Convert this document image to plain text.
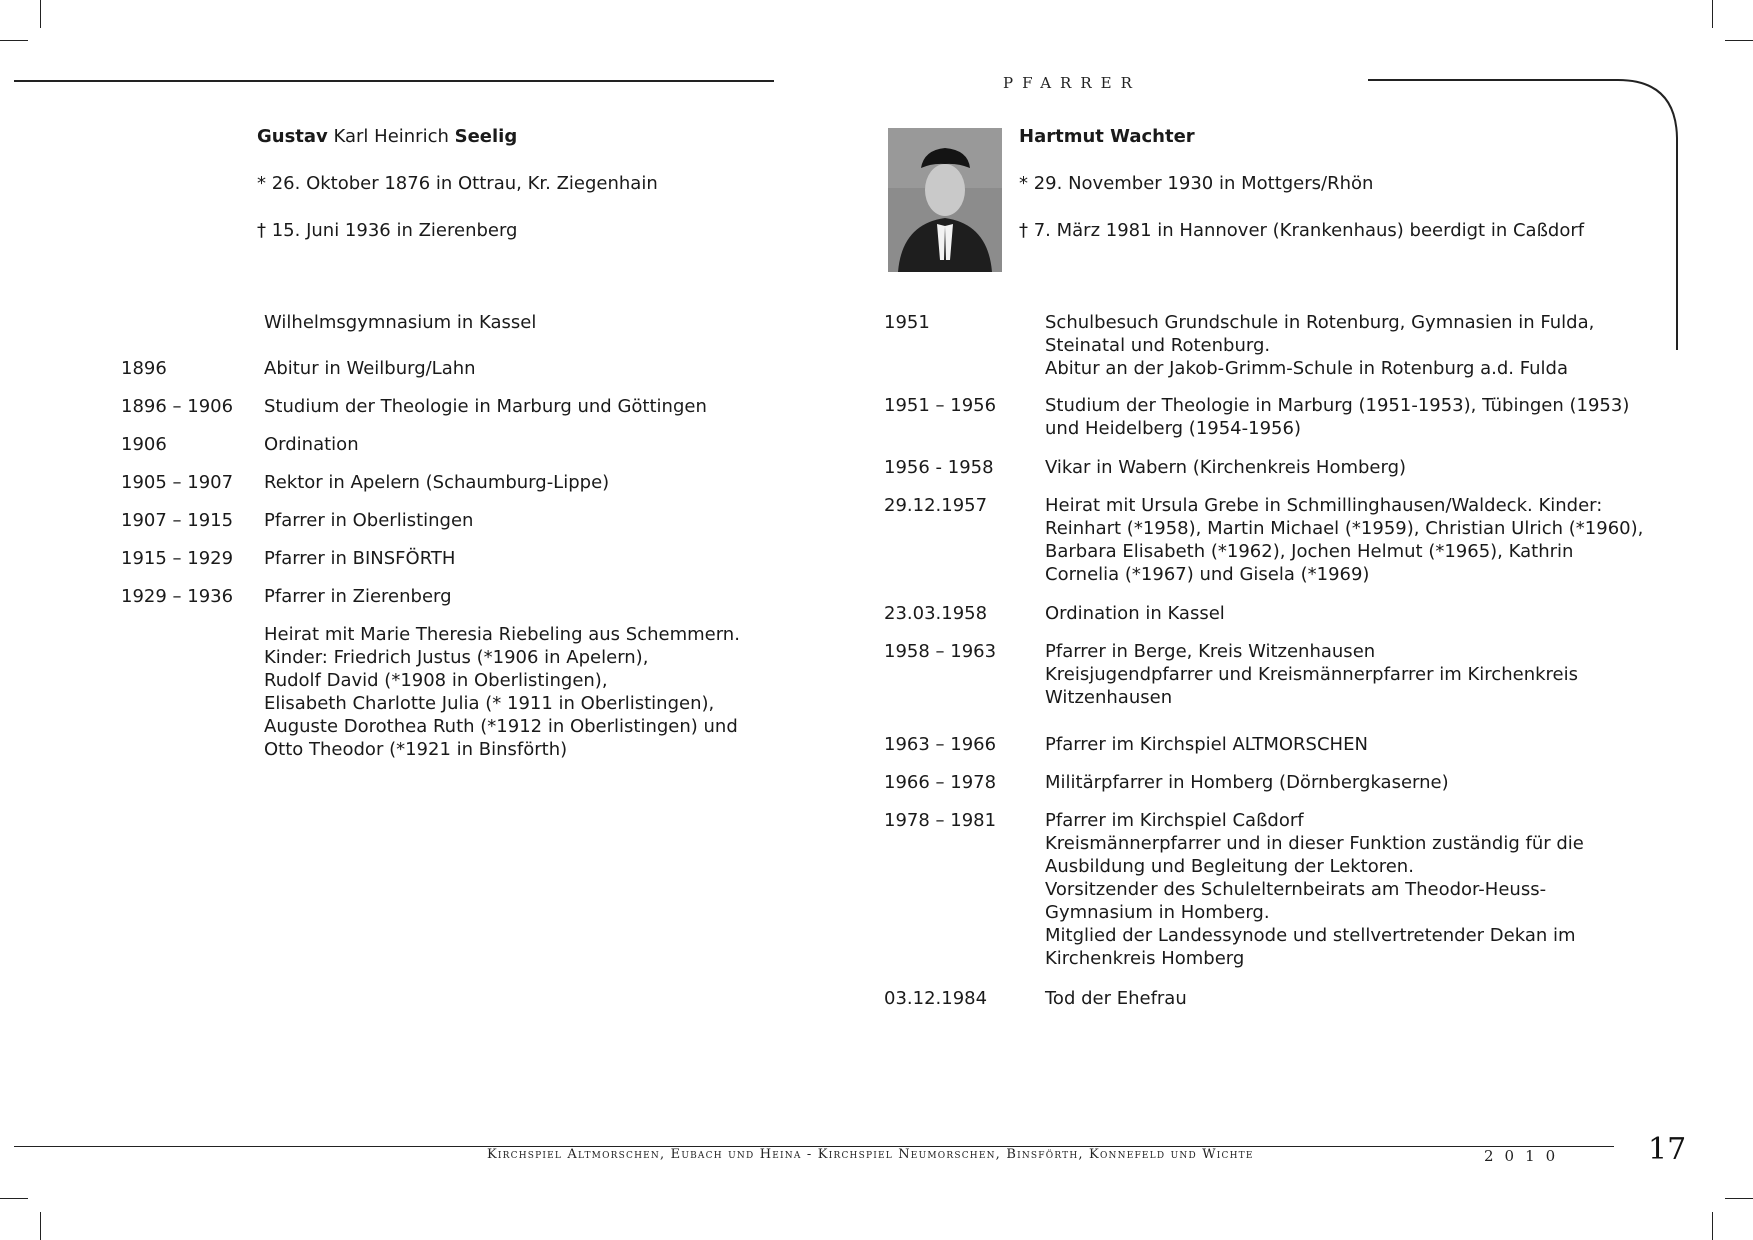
PFARRER
Gustav Karl Heinrich Seelig
* 26. Oktober 1876 in Ottrau, Kr. Ziegenhain
† 15. Juni 1936 in Zierenberg
Wilhelmsgymnasium in Kassel
1896	Abitur in Weilburg/Lahn
1896 – 1906 Studium der Theologie in Marburg und Göttingen
1906	Ordination
1905 – 1907 Rektor in Apelern (Schaumburg-Lippe)
1907 – 1915 Pfarrer in Oberlistingen
1915 – 1929 Pfarrer in BINSFÖRTH
1929 – 1936 Pfarrer in Zierenberg
Heirat mit Marie Theresia Riebeling aus Schemmern.
Kinder: Friedrich Justus (*1906 in Apelern),
Rudolf David (*1908 in Oberlistingen),
Elisabeth Charlotte Julia (* 1911 in Oberlistingen),
Auguste Dorothea Ruth (*1912 in Oberlistingen) und
Otto Theodor (*1921 in Binsförth)
Hartmut Wachter
* 29. November 1930 in Mottgers/Rhön
† 7. März 1981 in Hannover (Krankenhaus) beerdigt in Caßdorf
1951	Schulbesuch Grundschule in Rotenburg, Gymnasien in Fulda,
Steinatal und Rotenburg.
Abitur an der Jakob-Grimm-Schule in Rotenburg a.d. Fulda
1951 – 1956	Studium der Theologie in Marburg (1951-1953), Tübingen (1953)
und Heidelberg (1954-1956)
1956 - 1958	Vikar in Wabern (Kirchenkreis Homberg)
29.12.1957	Heirat mit Ursula Grebe in Schmillinghausen/Waldeck. Kinder:
Reinhart (*1958), Martin Michael (*1959), Christian Ulrich (*1960),
Barbara Elisabeth (*1962), Jochen Helmut (*1965), Kathrin
Cornelia (*1967) und Gisela (*1969)
23.03.1958	Ordination in Kassel
1958 – 1963	Pfarrer in Berge, Kreis Witzenhausen
Kreisjugendpfarrer und Kreismännerpfarrer im Kirchenkreis
Witzenhausen
1963 – 1966	Pfarrer im Kirchspiel ALTMORSCHEN
1966 – 1978	Militärpfarrer in Homberg (Dörnbergkaserne)
1978 – 1981	Pfarrer im Kirchspiel Caßdorf
Kreismännerpfarrer und in dieser Funktion zuständig für die
Ausbildung und Begleitung der Lektoren.
Vorsitzender des Schulelternbeirats am Theodor-Heuss-
Gymnasium in Homberg.
Mitglied der Landessynode und stellvertretender Dekan im
Kirchenkreis Homberg
03.12.1984	Tod der Ehefrau
Kirchspiel Altmorschen, Eubach und Heina - Kirchspiel Neumorschen, Binsförth, Konnefeld und Wichte	2010	17
